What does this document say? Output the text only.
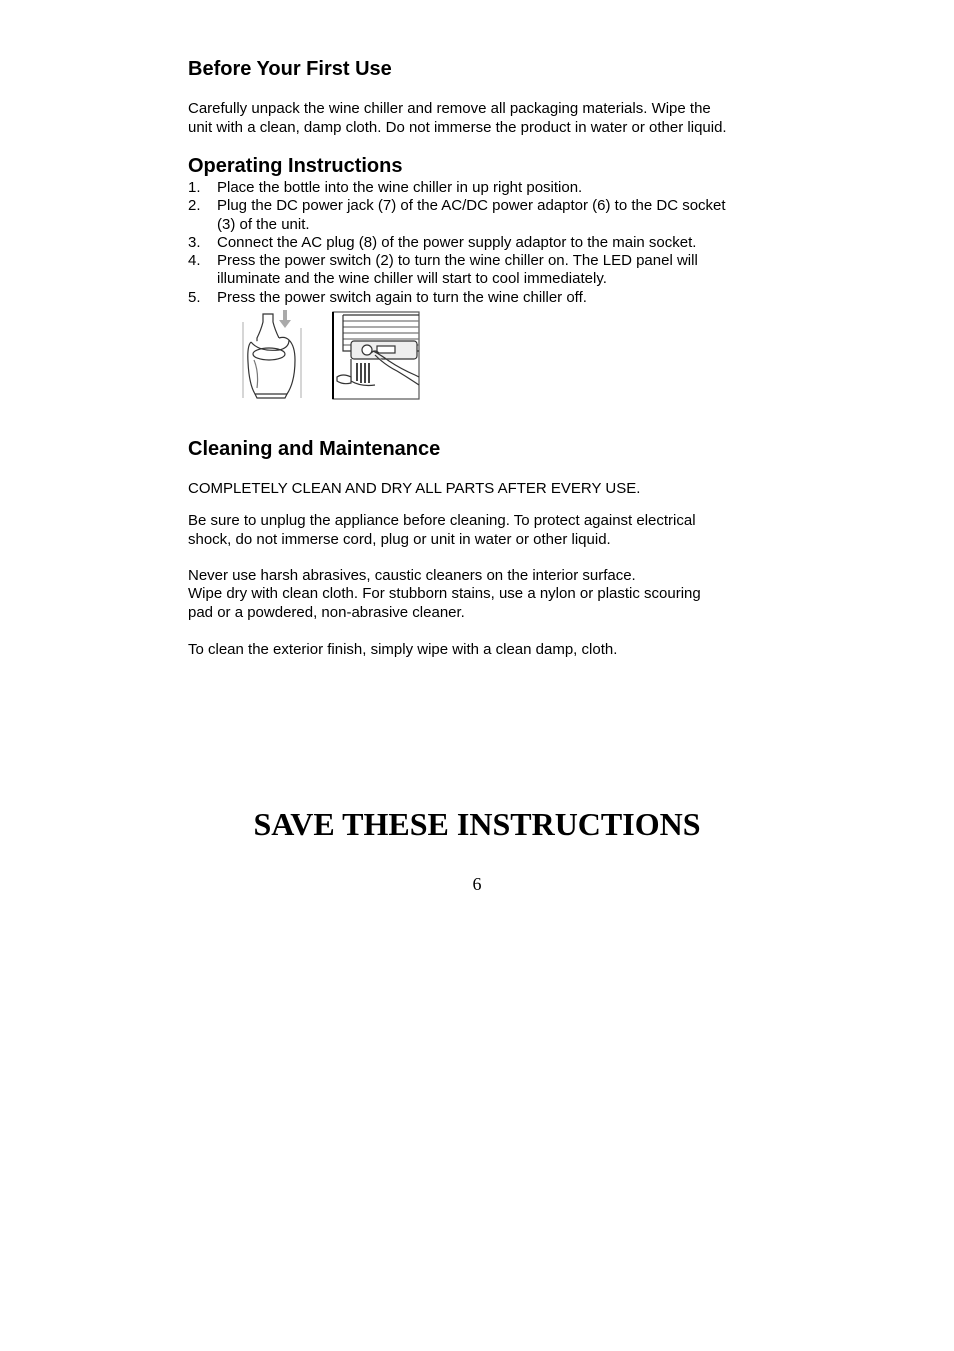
Before Your First Use

Carefully unpack the wine chiller and remove all packaging materials. Wipe the
unit with a clean, damp cloth. Do not immerse the product in water or other liquid.

Operating Instructions
1. Place the bottle into the wine chiller in up right position.
2. Plug the DC power jack (7) of the AC/DC power adaptor (6) to the DC socket
(3) of the unit.
3. Connect the AC plug (8) of the power supply adaptor to the main socket.
4. Press the power switch (2) to turn the wine chiller on. The LED panel will
illuminate and the wine chiller will start to cool immediately.
5. Press the power switch again to turn the wine chiller off.
Cleaning and Maintenance

COMPLETELY CLEAN AND DRY ALL PARTS AFTER EVERY USE.

Be sure to unplug the appliance before cleaning. To protect against electrical
shock, do not immerse cord, plug or unit in water or other liquid.

Never use harsh abrasives, caustic cleaners on the interior surface.
Wipe dry with clean cloth. For stubborn stains, use a nylon or plastic scouring
pad or a powdered, non-abrasive cleaner.

To clean the exterior finish, simply wipe with a clean damp, cloth.

SAVE THESE INSTRUCTIONS

6
